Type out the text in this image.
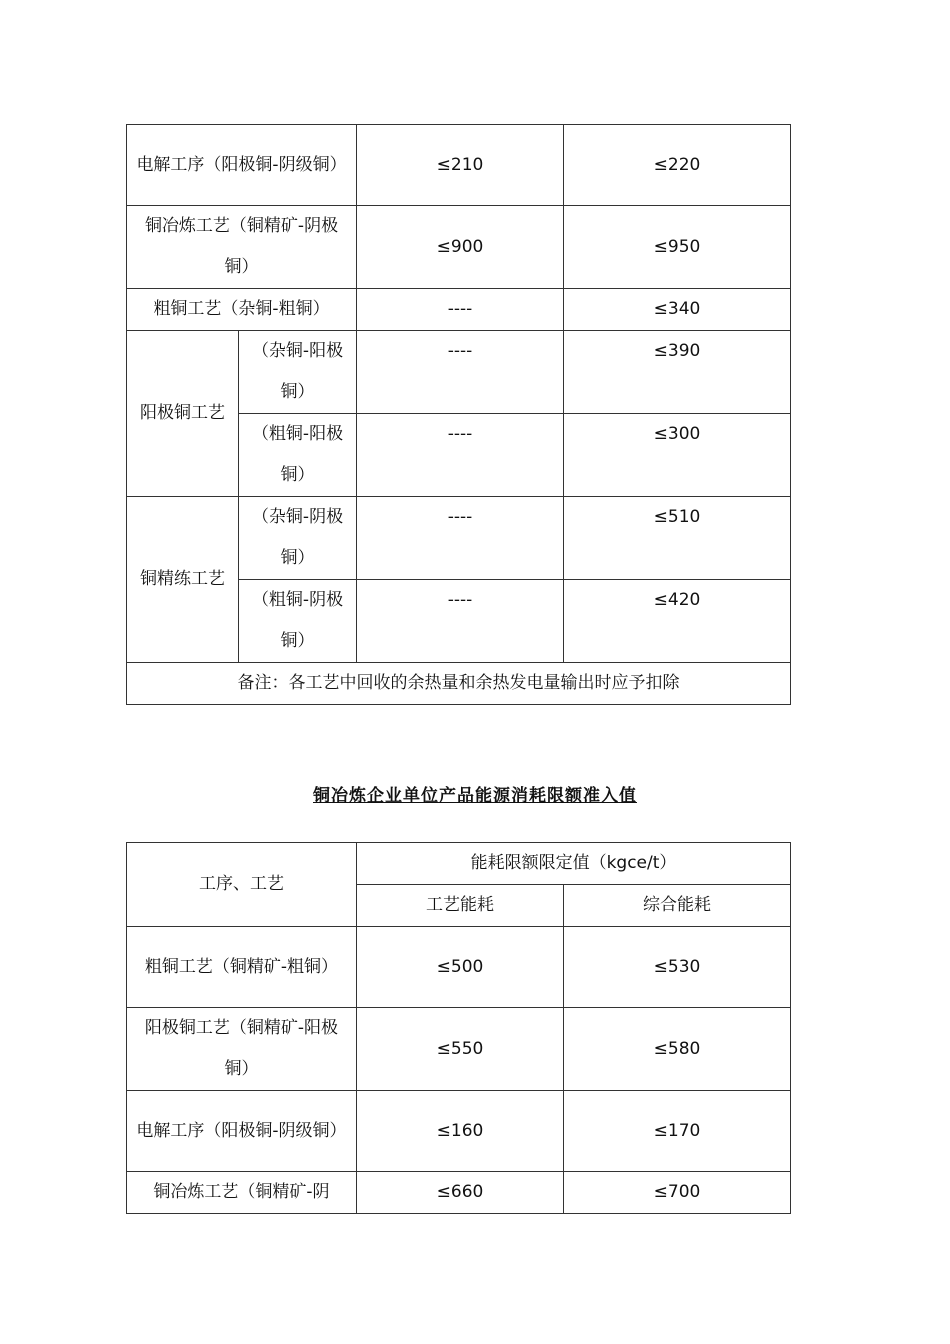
电解工序（阳极铜-阴级铜）		≤210	≤220
铜冶炼工艺（铜精矿-阴极铜）		≤900	≤950
粗铜工艺（杂铜-粗铜）		----	≤340
阳极铜工艺	（杂铜-阳极铜）	----	≤390
	（粗铜-阳极铜）	----	≤300
铜精练工艺	（杂铜-阴极铜）	----	≤510
	（粗铜-阴极铜）	----	≤420
备注：各工艺中回收的余热量和余热发电量输出时应予扣除			
铜冶炼企业单位产品能源消耗限额准入值
工序、工艺	能耗限额限定值（kgce/t）	
	工艺能耗	综合能耗
粗铜工艺（铜精矿-粗铜）	≤500	≤530
阳极铜工艺（铜精矿-阳极铜）	≤550	≤580
电解工序（阳极铜-阴级铜）	≤160	≤170
铜冶炼工艺（铜精矿-阴	≤660	≤700
